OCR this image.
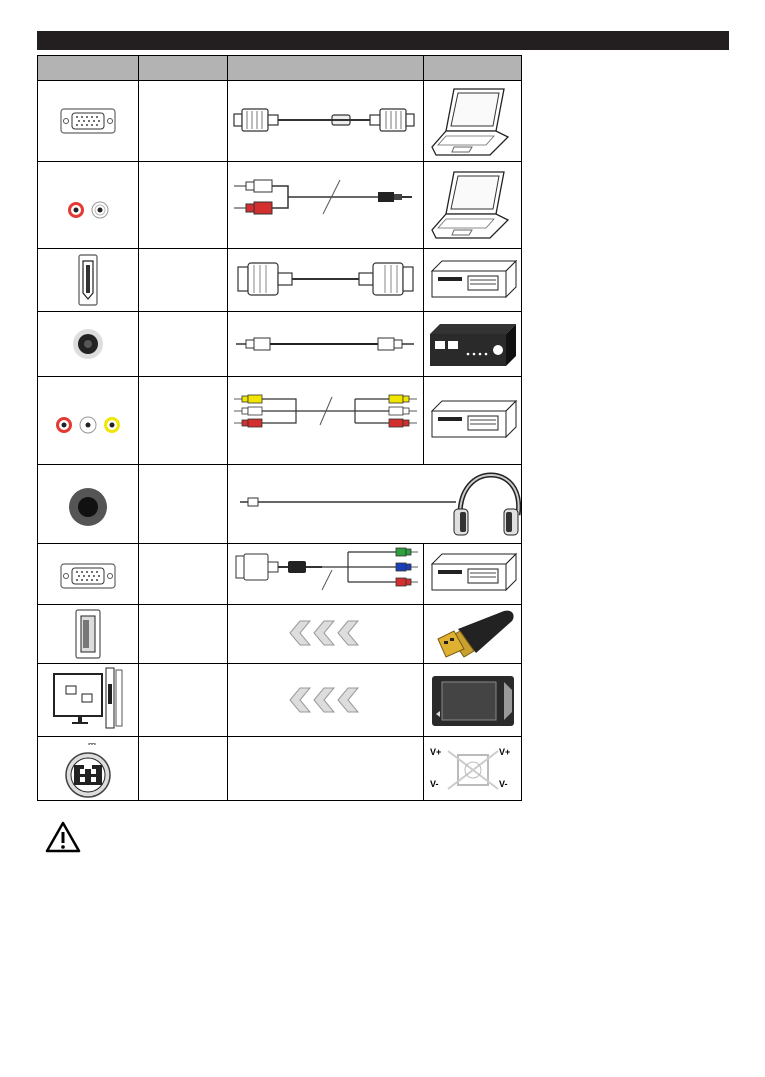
⎓
V+	V+
V-	V-
